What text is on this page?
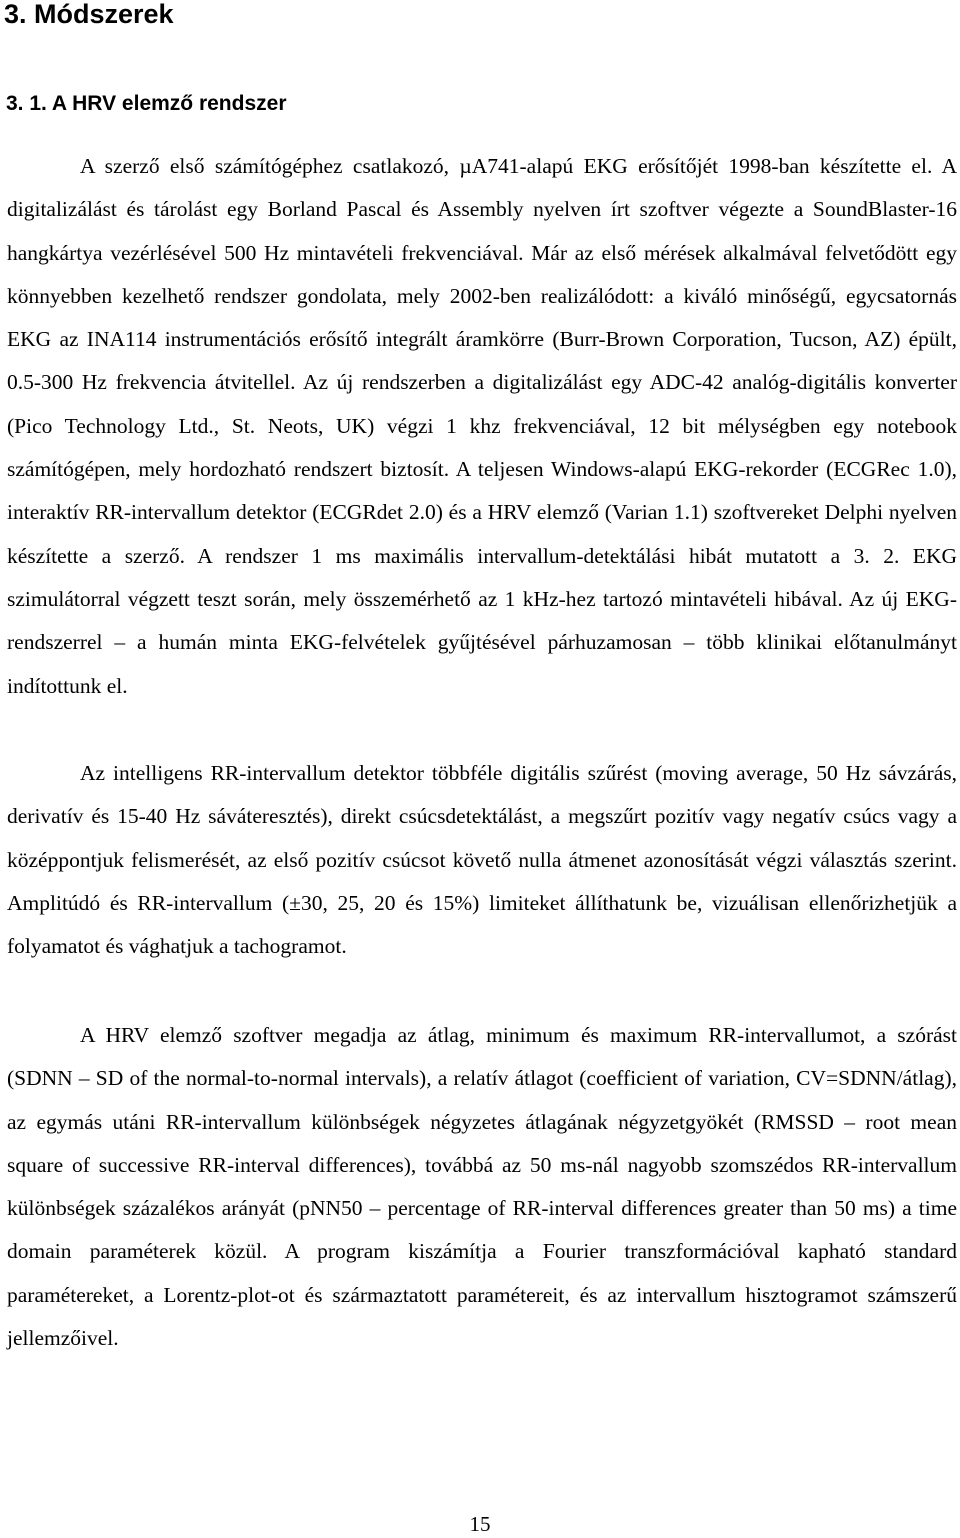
3. Módszerek
3. 1. A HRV elemző rendszer

A szerző első számítógéphez csatlakozó, µA741-alapú EKG erősítőjét 1998-ban készítette el. A digitalizálást és tárolást egy Borland Pascal és Assembly nyelven írt szoftver végezte a SoundBlaster-16 hangkártya vezérlésével 500 Hz mintavételi frekvenciával. Már az első mérések alkalmával felvetődött egy könnyebben kezelhető rendszer gondolata, mely 2002-ben realizálódott: a kiváló minőségű, egycsatornás EKG az INA114 instrumentációs erősítő integrált áramkörre (Burr-Brown Corporation, Tucson, AZ) épült, 0.5-300 Hz frekvencia átvitellel. Az új rendszerben a digitalizálást egy ADC-42 analóg-digitális konverter (Pico Technology Ltd., St. Neots, UK) végzi 1 khz frekvenciával, 12 bit mélységben egy notebook számítógépen, mely hordozható rendszert biztosít. A teljesen Windows-alapú EKG-rekorder (ECGRec 1.0), interaktív RR-intervallum detektor (ECGRdet 2.0) és a HRV elemző (Varian 1.1) szoftvereket Delphi nyelven készítette a szerző. A rendszer 1 ms maximális intervallum-detektálási hibát mutatott a 3. 2. EKG szimulátorral végzett teszt során, mely összemérhető az 1 kHz-hez tartozó mintavételi hibával. Az új EKG-rendszerrel – a humán minta EKG-felvételek gyűjtésével párhuzamosan – több klinikai előtanulmányt indítottunk el.

Az intelligens RR-intervallum detektor többféle digitális szűrést (moving average, 50 Hz sávzárás, derivatív és 15-40 Hz sáváteresztés), direkt csúcsdetektálást, a megszűrt pozitív vagy negatív csúcs vagy a középpontjuk felismerését, az első pozitív csúcsot követő nulla átmenet azonosítását végzi választás szerint. Amplitúdó és RR-intervallum (±30, 25, 20 és 15%) limiteket állíthatunk be, vizuálisan ellenőrizhetjük a folyamatot és vághatjuk a tachogramot.

A HRV elemző szoftver megadja az átlag, minimum és maximum RR-intervallumot, a szórást (SDNN – SD of the normal-to-normal intervals), a relatív átlagot (coefficient of variation, CV=SDNN/átlag), az egymás utáni RR-intervallum különbségek négyzetes átlagának négyzetgyökét (RMSSD – root mean square of successive RR-interval differences), továbbá az 50 ms-nál nagyobb szomszédos RR-intervallum különbségek százalékos arányát (pNN50 – percentage of RR-interval differences greater than 50 ms) a time domain paraméterek közül. A program kiszámítja a Fourier transzformációval kapható standard paramétereket, a Lorentz-plot-ot és származtatott paramétereit, és az intervallum hisztogramot számszerű jellemzőivel.

15
